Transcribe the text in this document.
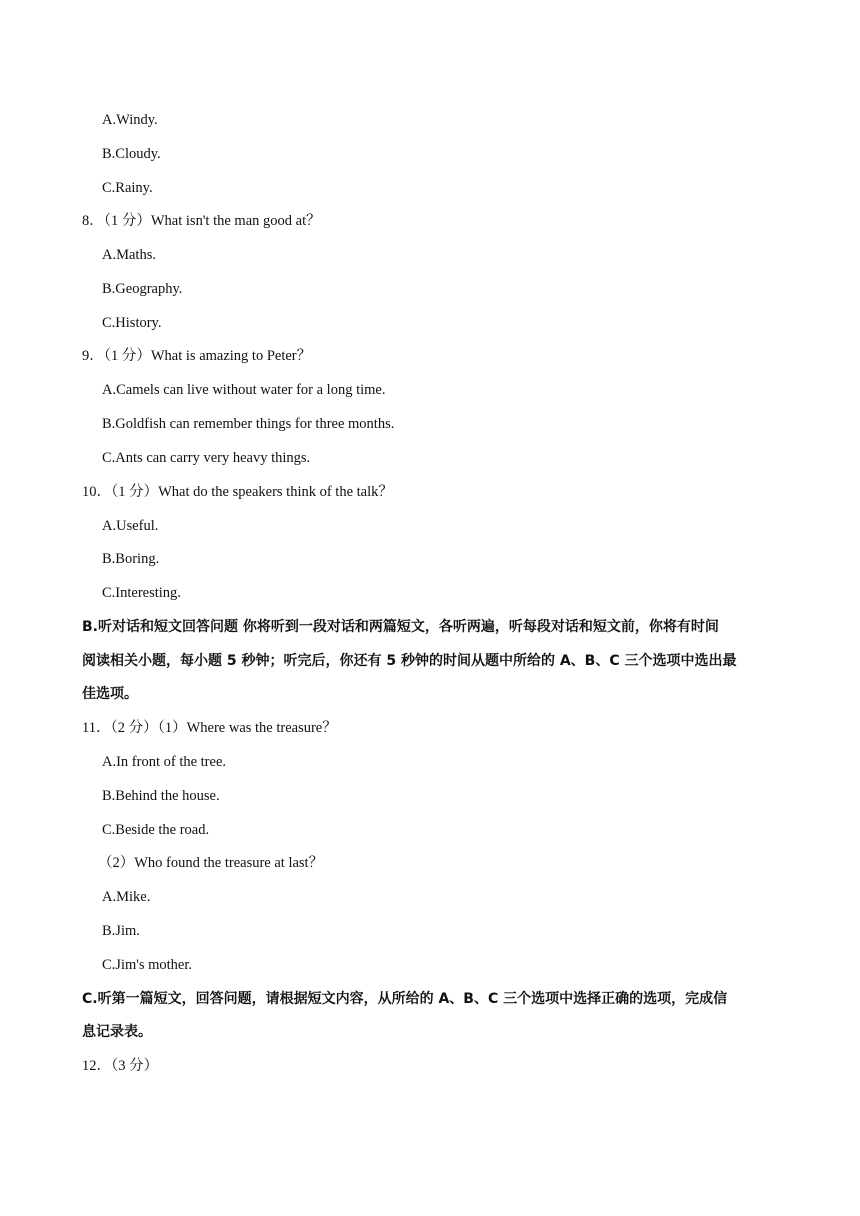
A.Windy.
B.Cloudy.
C.Rainy.
8．（1 分）What isn't the man good at？
A.Maths.
B.Geography.
C.History.
9．（1 分）What is amazing to Peter？
A.Camels can live without water for a long time.
B.Goldfish can remember things for three months.
C.Ants can carry very heavy things.
10．（1 分）What do the speakers think of the talk？
A.Useful.
B.Boring.
C.Interesting.
B.听对话和短文回答问题 你将听到一段对话和两篇短文，各听两遍，听每段对话和短文前，你将有时间
阅读相关小题，每小题 5 秒钟；听完后，你还有 5 秒钟的时间从题中所给的 A、B、C 三个选项中选出最
佳选项。
11．（2 分）（1）Where was the treasure？
A.In front of the tree.
B.Behind the house.
C.Beside the road.
（2）Who found the treasure at last？
A.Mike.
B.Jim.
C.Jim's mother.
C.听第一篇短文，回答问题，请根据短文内容，从所给的 A、B、C 三个选项中选择正确的选项，完成信
息记录表。
12．（3 分）
